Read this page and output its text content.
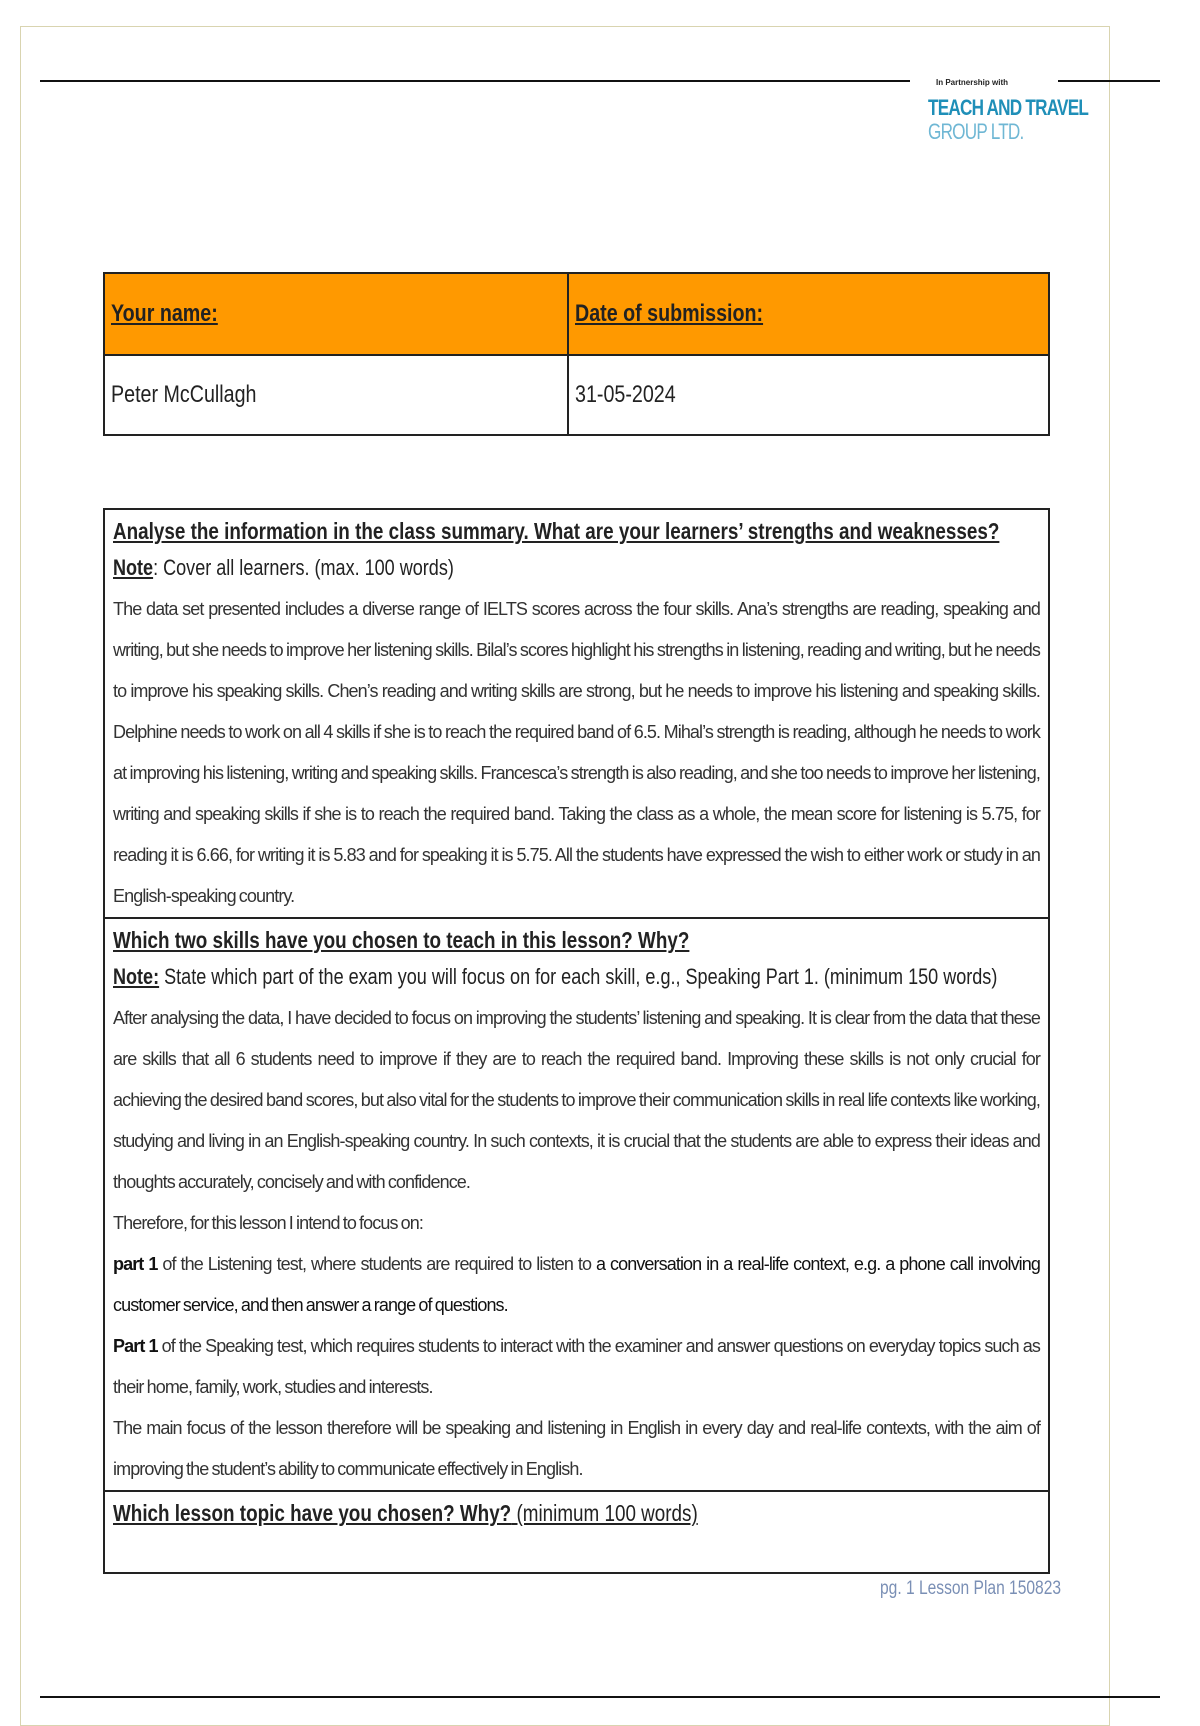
In Partnership with
TEACH AND TRAVEL
GROUP LTD.
Your name:	Date of submission:
Peter McCullagh	31-05-2024
Analyse the information in the class summary. What are your learners’ strengths and weaknesses?
Note: Cover all learners. (max. 100 words)
The data set presented includes a diverse range of IELTS scores across the four skills. Ana’s strengths are reading, speaking and writing, but she needs to improve her listening skills. Bilal’s scores highlight his strengths in listening, reading and writing, but he needs to improve his speaking skills. Chen’s reading and writing skills are strong, but he needs to improve his listening and speaking skills. Delphine needs to work on all 4 skills if she is to reach the required band of 6.5. Mihal’s strength is reading, although he needs to work at improving his listening, writing and speaking skills. Francesca’s strength is also reading, and she too needs to improve her listening, writing and speaking skills if she is to reach the required band. Taking the class as a whole, the mean score for listening is 5.75, for reading it is 6.66, for writing it is 5.83 and for speaking it is 5.75. All the students have expressed the wish to either work or study in an English-speaking country.
Which two skills have you chosen to teach in this lesson? Why?
Note: State which part of the exam you will focus on for each skill, e.g., Speaking Part 1. (minimum 150 words)
After analysing the data, I have decided to focus on improving the students’ listening and speaking. It is clear from the data that these are skills that all 6 students need to improve if they are to reach the required band. Improving these skills is not only crucial for achieving the desired band scores, but also vital for the students to improve their communication skills in real life contexts like working, studying and living in an English-speaking country. In such contexts, it is crucial that the students are able to express their ideas and thoughts accurately, concisely and with confidence.
Therefore, for this lesson I intend to focus on:
part 1 of the Listening test, where students are required to listen to a conversation in a real-life context, e.g. a phone call involving customer service, and then answer a range of questions.
Part 1 of the Speaking test, which requires students to interact with the examiner and answer questions on everyday topics such as their home, family, work, studies and interests.
The main focus of the lesson therefore will be speaking and listening in English in every day and real-life contexts, with the aim of improving the student’s ability to communicate effectively in English.
Which lesson topic have you chosen? Why? (minimum 100 words)
pg. 1 Lesson Plan 150823
